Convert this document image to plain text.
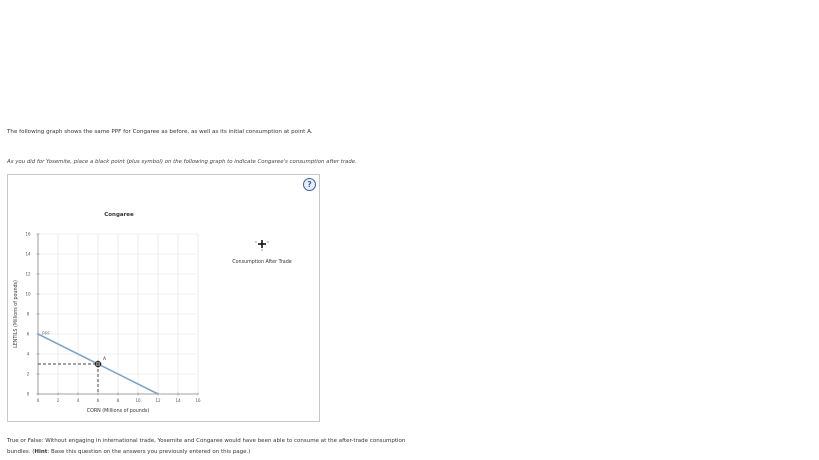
The following graph shows the same PPF for Congaree as before, as well as its initial consumption at point A.
As you did for Yosemite, place a black point (plus symbol) on the following graph to indicate Congaree's consumption after trade.
?
0	2	4	6	8	10	12	14	16
0
2
4
6
8
10
12
14
16
PPF
A
Congaree
CORN (Millions of pounds)
LENTILS (Millions of pounds)
Consumption After Trade
True or False: Without engaging in international trade, Yosemite and Congaree would have been able to consume at the after-trade consumption
bundles. (Hint: Base this question on the answers you previously entered on this page.)
